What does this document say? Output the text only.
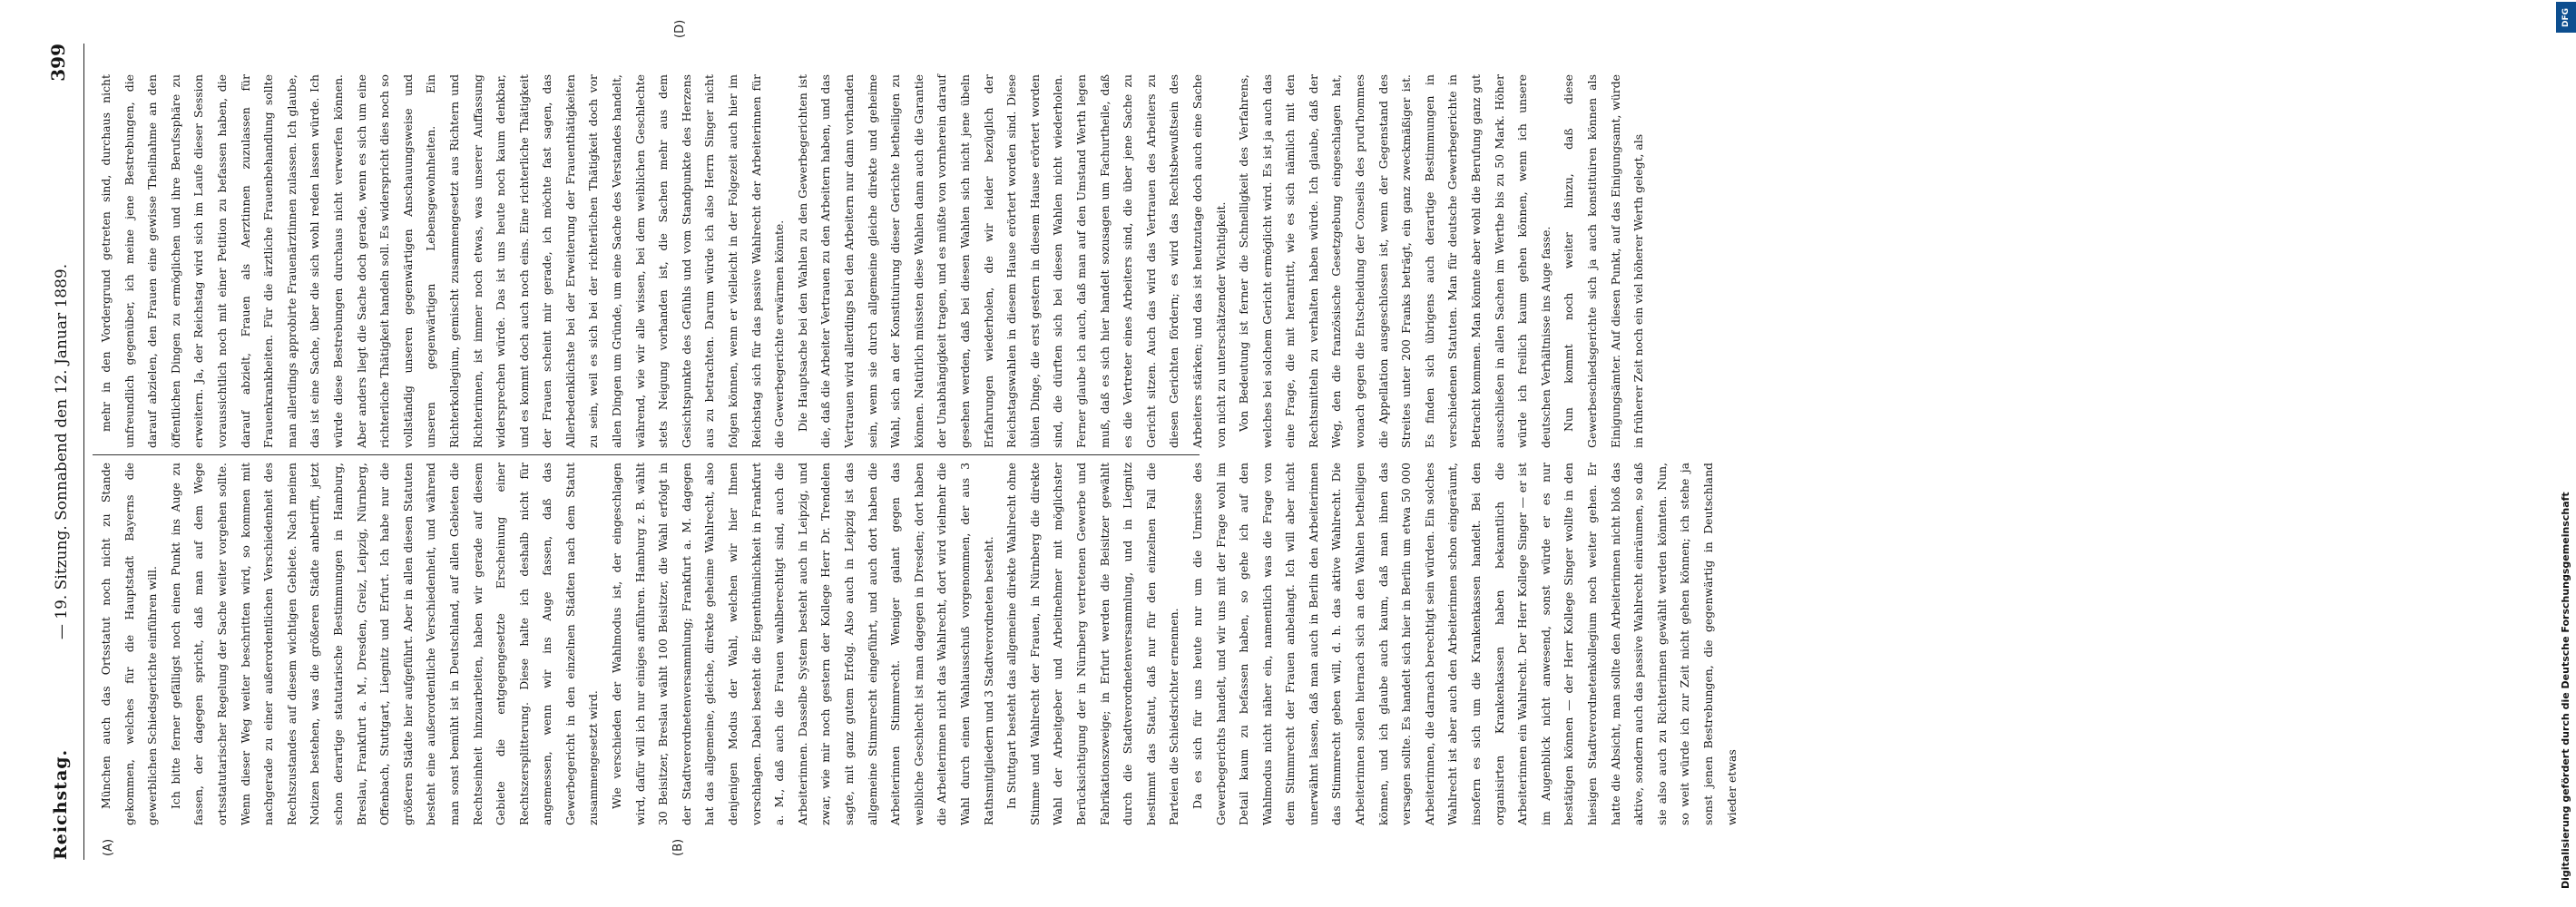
Reichstag.
— 19. Sitzung. Sonnabend den 12. Januar 1889.
399
(A)	(B)
(D)

München auch das Ortsstatut noch nicht zu Stande gekommen, welches für die Hauptstadt Bayerns die gewerblichen Schiedsgerichte einführen will. Ich bitte ferner gefälligst noch einen Punkt ins Auge zu fassen, der dagegen spricht, daß man auf dem Wege ortsstatutarischer Regelung der Sache weiter vorgehen sollte. Wenn dieser Weg weiter beschritten wird, so kommen mit nachgerade zu einer außerordentlichen Verschiedenheit des Rechtszustandes auf diesem wichtigen Gebiete. Nach meinen Notizen bestehen, was die größeren Städte anbetrifft, jetzt schon derartige statutarische Bestimmungen in Hamburg, Breslau, Frankfurt a. M., Dresden, Greiz, Leipzig, Nürnberg, Offenbach, Stuttgart, Liegnitz und Erfurt. Ich habe nur die größeren Städte hier aufgeführt. Aber in allen diesen Statuten besteht eine außerordentliche Verschiedenheit, und während man sonst bemüht ist in Deutschland, auf allen Gebieten die Rechtseinheit hinzuarbeiten, haben wir gerade auf diesem Gebiete die entgegengesetzte Erscheinung einer Rechtszersplitterung. Diese halte ich deshalb nicht für angemessen, wenn wir ins Auge fassen, daß das Gewerbegericht in den einzelnen Städten nach dem Statut zusammengesetzt wird. Wie verschieden der Wahlmodus ist, der eingeschlagen wird, dafür will ich nur einiges anführen. Hamburg z. B. wählt 30 Beisitzer, Breslau wählt 100 Beisitzer, die Wahl erfolgt in der Stadtverordnetenversammlung; Frankfurt a. M. dagegen hat das allgemeine, gleiche, direkte geheime Wahlrecht, also denjenigen Modus der Wahl, welchen wir hier Ihnen vorschlagen. Dabei besteht die Eigenthümlichkeit in Frankfurt a. M., daß auch die Frauen wahlberechtigt sind, auch die Arbeiterinnen. Dasselbe System besteht auch in Leipzig, und zwar, wie mir noch gestern der Kollege Herr Dr. Trendelen sagte, mit ganz gutem Erfolg. Also auch in Leipzig ist das allgemeine Stimmrecht eingeführt, und auch dort haben die Arbeiterinnen Stimmrecht. Weniger galant gegen das weibliche Geschlecht ist man dagegen in Dresden; dort haben die Arbeiterinnen nicht das Wahlrecht, dort wird vielmehr die Wahl durch einen Wahlausschuß vorgenommen, der aus 3 Rathsmitgliedern und 3 Stadtverordneten besteht. In Stuttgart besteht das allgemeine direkte Wahlrecht ohne Stimme und Wahlrecht der Frauen, in Nürnberg die direkte Wahl der Arbeitgeber und Arbeitnehmer mit möglichster Berücksichtigung der in Nürnberg vertretenen Gewerbe und Fabrikationszweige; in Erfurt werden die Beisitzer gewählt durch die Stadtverordnetenversammlung, und in Liegnitz bestimmt das Statut, daß nur für den einzelnen Fall die Parteien die Schiedsrichter ernennen. Da es sich für uns heute nur um die Umrisse des Gewerbegerichts handelt, und wir uns mit der Frage wohl im Detail kaum zu befassen haben, so gehe ich auf den Wahlmodus nicht näher ein, namentlich was die Frage von dem Stimmrecht der Frauen anbelangt. Ich will aber nicht unerwähnt lassen, daß man auch in Berlin den Arbeiterinnen das Stimmrecht geben will, d. h. das aktive Wahlrecht. Die Arbeiterinnen sollen hiernach sich an den Wahlen betheiligen können, und ich glaube auch kaum, daß man ihnen das versagen sollte. Es handelt sich hier in Berlin um etwa 50 000 Arbeiterinnen, die darnach berechtigt sein würden. Ein solches Wahlrecht ist aber auch den Arbeiterinnen schon eingeräumt, insofern es sich um die Krankenkassen handelt. Bei den organisirten Krankenkassen haben bekanntlich die Arbeiterinnen ein Wahlrecht. Der Herr Kollege Singer — er ist im Augenblick nicht anwesend, sonst würde er es nur bestätigen können — der Herr Kollege Singer wollte in den hiesigen Stadtverordnetenkollegium noch weiter gehen. Er hatte die Absicht, man sollte den Arbeiterinnen nicht bloß das aktive, sondern auch das passive Wahlrecht einräumen, so daß sie also auch zu Richterinnen gewählt werden könnten. Nun, so weit würde ich zur Zeit nicht gehen können; ich stehe ja sonst jenen Bestrebungen, die gegenwärtig in Deutschland wieder etwas

mehr in den Vordergrund getreten sind, durchaus nicht unfreundlich gegenüber, ich meine jene Bestrebungen, die darauf abzielen, den Frauen eine gewisse Theilnahme an den öffentlichen Dingen zu ermöglichen und ihre Berufssphäre zu erweitern. Ja, der Reichstag wird sich im Laufe dieser Session voraussichtlich noch mit einer Petition zu befassen haben, die darauf abzielt, Frauen als Aerztinnen zuzulassen für Frauenkrankheiten. Für die ärztliche Frauenbehandlung sollte man allerdings approbirte Frauenärztinnen zulassen. Ich glaube, das ist eine Sache, über die sich wohl reden lassen würde. Ich würde diese Bestrebungen durchaus nicht verwerfen können. Aber anders liegt die Sache doch gerade, wenn es sich um eine richterliche Thätigkeit handeln soll. Es widerspricht dies noch so vollständig unseren gegenwärtigen Anschauungsweise und unseren gegenwärtigen Lebensgewohnheiten. Ein Richterkollegium, gemischt zusammengesetzt aus Richtern und Richterinnen, ist immer noch etwas, was unserer Auffassung widersprechen würde. Das ist uns heute noch kaum denkbar, und es kommt doch auch noch eins. Eine richterliche Thätigkeit der Frauen scheint mir gerade, ich möchte fast sagen, das Allerbedenklichste bei der Erweiterung der Frauenthätigkeiten zu sein, weil es sich bei der richterlichen Thätigkeit doch vor allen Dingen um Gründe, um eine Sache des Verstandes handelt, während, wie wir alle wissen, bei dem weiblichen Geschlechte stets Neigung vorhanden ist, die Sachen mehr aus dem Gesichtspunkte des Gefühls und vom Standpunkte des Herzens aus zu betrachten. Darum würde ich also Herrn Singer nicht folgen können, wenn er vielleicht in der Folgezeit auch hier im Reichstag sich für das passive Wahlrecht der Arbeiterinnen für die Gewerbegerichte erwärmen könnte. Die Hauptsache bei den Wahlen zu den Gewerbegerichten ist die, daß die Arbeiter Vertrauen zu den Arbeitern haben, und das Vertrauen wird allerdings bei den Arbeitern nur dann vorhanden sein, wenn sie durch allgemeine gleiche direkte und geheime Wahl, sich an der Konstituirung dieser Gerichte betheiligen zu können. Natürlich müssten diese Wahlen dann auch die Garantie der Unabhängigkeit tragen, und es müßte von vornherein darauf gesehen werden, daß bei diesen Wahlen sich nicht jene übeln Erfahrungen wiederholen, die wir leider bezüglich der Reichstagswahlen in diesem Hause erörtert worden sind. Diese üblen Dinge, die erst gestern in diesem Hause erörtert worden sind, die dürften sich bei diesen Wahlen nicht wiederholen. Ferner glaube ich auch, daß man auf den Umstand Werth legen muß, daß es sich hier handelt sozusagen um Fachurtheile, daß es die Vertreter eines Arbeiters sind, die über jene Sache zu Gericht sitzen. Auch das wird das Vertrauen des Arbeiters zu diesen Gerichten fördern; es wird das Rechtsbewußtsein des Arbeiters stärken; und das ist heutzutage doch auch eine Sache von nicht zu unterschätzender Wichtigkeit. Von Bedeutung ist ferner die Schnelligkeit des Verfahrens, welches bei solchem Gericht ermöglicht wird. Es ist ja auch das eine Frage, die mit herantritt, wie es sich nämlich mit den Rechtsmitteln zu verhalten haben würde. Ich glaube, daß der Weg, den die französische Gesetzgebung eingeschlagen hat, wonach gegen die Entscheidung der Conseils des prud'hommes die Appellation ausgeschlossen ist, wenn der Gegenstand des Streites unter 200 Franks beträgt, ein ganz zweckmäßiger ist. Es finden sich übrigens auch derartige Bestimmungen in verschiedenen Statuten. Man für deutsche Gewerbegerichte in Betracht kommen. Man könnte aber wohl die Berufung ganz gut ausschließen in allen Sachen im Werthe bis zu 50 Mark. Höher würde ich freilich kaum gehen können, wenn ich unsere deutschen Verhältnisse ins Auge fasse. Nun kommt noch weiter hinzu, daß diese Gewerbeschiedsgerichte sich ja auch konstituiren können als Einigungsämter. Auf diesen Punkt, auf das Einigungsamt, würde in früherer Zeit noch ein viel höherer Werth gelegt, als

DFG
Digitalisierung gefördert durch die Deutsche Forschungsgemeinschaft
